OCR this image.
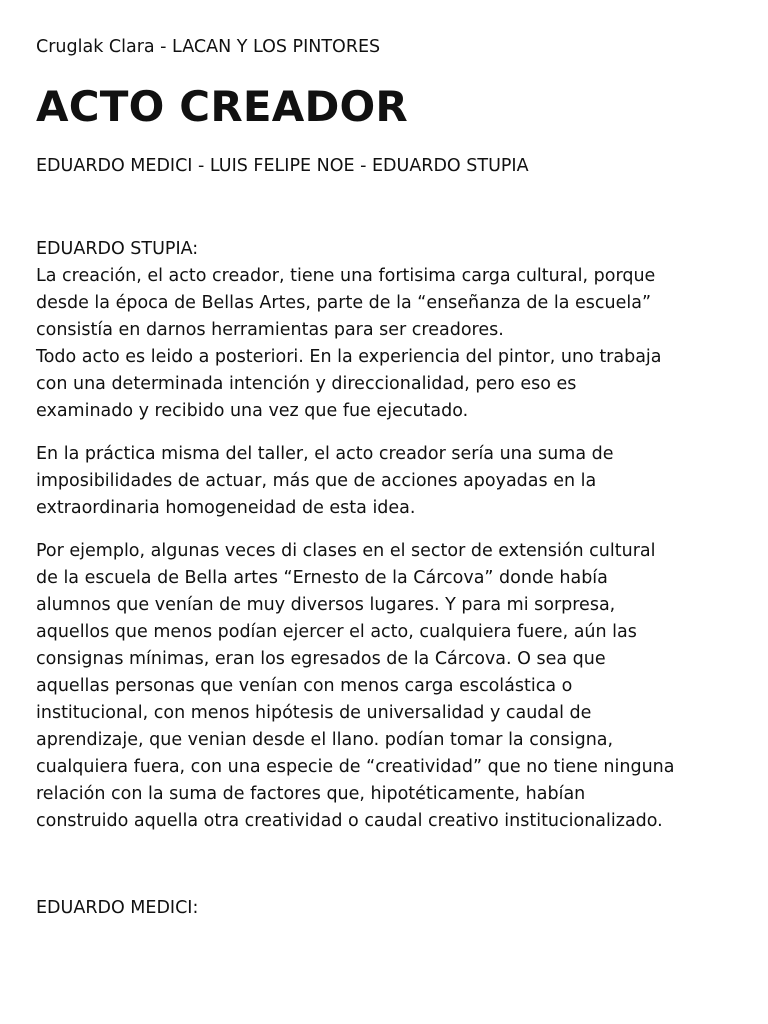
Cruglak Clara - LACAN Y LOS PINTORES
ACTO CREADOR
EDUARDO MEDICI - LUIS FELIPE NOE - EDUARDO STUPIA
EDUARDO STUPIA:
La creación, el acto creador, tiene una fortisima carga cultural, porque
desde la época de Bellas Artes, parte de la “enseñanza de la escuela”
consistía en darnos herramientas para ser creadores.
Todo acto es leido a posteriori. En la experiencia del pintor, uno trabaja
con una determinada intención y direccionalidad, pero eso es
examinado y recibido una vez que fue ejecutado.
En la práctica misma del taller, el acto creador sería una suma de
imposibilidades de actuar, más que de acciones apoyadas en la
extraordinaria homogeneidad de esta idea.
Por ejemplo, algunas veces di clases en el sector de extensión cultural
de la escuela de Bella artes “Ernesto de la Cárcova” donde había
alumnos que venían de muy diversos lugares. Y para mi sorpresa,
aquellos que menos podían ejercer el acto, cualquiera fuere, aún las
consignas mínimas, eran los egresados de la Cárcova. O sea que
aquellas personas que venían con menos carga escolástica o
institucional, con menos hipótesis de universalidad y caudal de
aprendizaje, que venian desde el llano. podían tomar la consigna,
cualquiera fuera, con una especie de “creatividad” que no tiene ninguna
relación con la suma de factores que, hipotéticamente, habían
construido aquella otra creatividad o caudal creativo institucionalizado.
EDUARDO MEDICI:
